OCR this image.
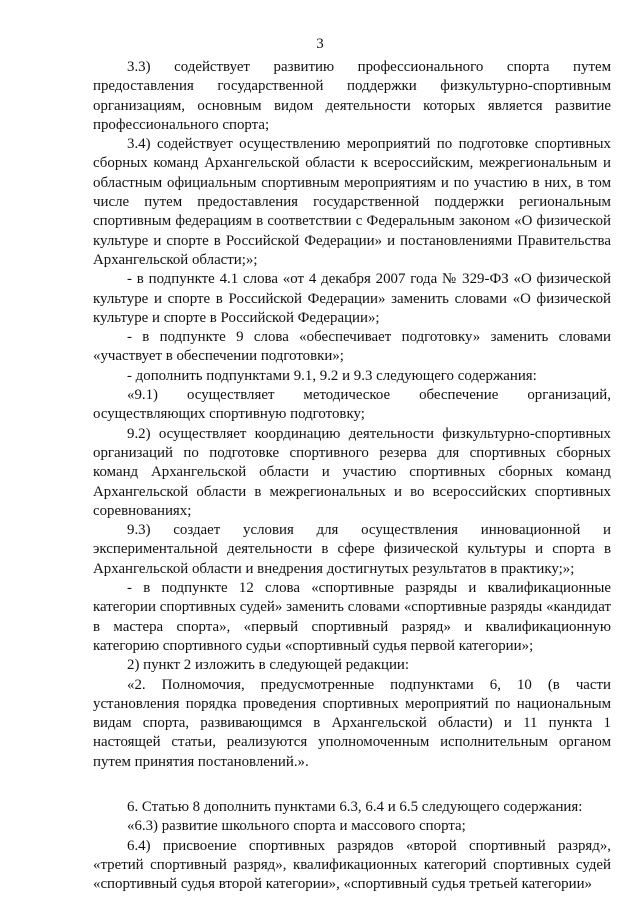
3

3.3) содействует развитию профессионального спорта путем предоставления государственной поддержки физкультурно-спортивным организациям, основным видом деятельности которых является развитие профессионального спорта;

3.4) содействует осуществлению мероприятий по подготовке спортивных сборных команд Архангельской области к всероссийским, межрегиональным и областным официальным спортивным мероприятиям и по участию в них, в том числе путем предоставления государственной поддержки региональным спортивным федерациям в соответствии с Федеральным законом «О физической культуре и спорте в Российской Федерации» и постановлениями Правительства Архангельской области;»;

- в подпункте 4.1 слова «от 4 декабря 2007 года № 329-ФЗ «О физической культуре и спорте в Российской Федерации» заменить словами «О физической культуре и спорте в Российской Федерации»;

- в подпункте 9 слова «обеспечивает подготовку» заменить словами «участвует в обеспечении подготовки»;

- дополнить подпунктами 9.1, 9.2 и 9.3 следующего содержания:

«9.1) осуществляет методическое обеспечение организаций, осуществляющих спортивную подготовку;

9.2) осуществляет координацию деятельности физкультурно-спортивных организаций по подготовке спортивного резерва для спортивных сборных команд Архангельской области и участию спортивных сборных команд Архангельской области в межрегиональных и во всероссийских спортивных соревнованиях;

9.3) создает условия для осуществления инновационной и экспериментальной деятельности в сфере физической культуры и спорта в Архангельской области и внедрения достигнутых результатов в практику;»;

- в подпункте 12 слова «спортивные разряды и квалификационные категории спортивных судей» заменить словами «спортивные разряды «кандидат в мастера спорта», «первый спортивный разряд» и квалификационную категорию спортивного судьи «спортивный судья первой категории»;

2) пункт 2 изложить в следующей редакции:

«2. Полномочия, предусмотренные подпунктами 6, 10 (в части установления порядка проведения спортивных мероприятий по национальным видам спорта, развивающимся в Архангельской области) и 11 пункта 1 настоящей статьи, реализуются уполномоченным исполнительным органом путем принятия постановлений.».

6. Статью 8 дополнить пунктами 6.3, 6.4 и 6.5 следующего содержания:

«6.3) развитие школьного спорта и массового спорта;

6.4) присвоение спортивных разрядов «второй спортивный разряд», «третий спортивный разряд», квалификационных категорий спортивных судей «спортивный судья второй категории», «спортивный судья третьей категории»
